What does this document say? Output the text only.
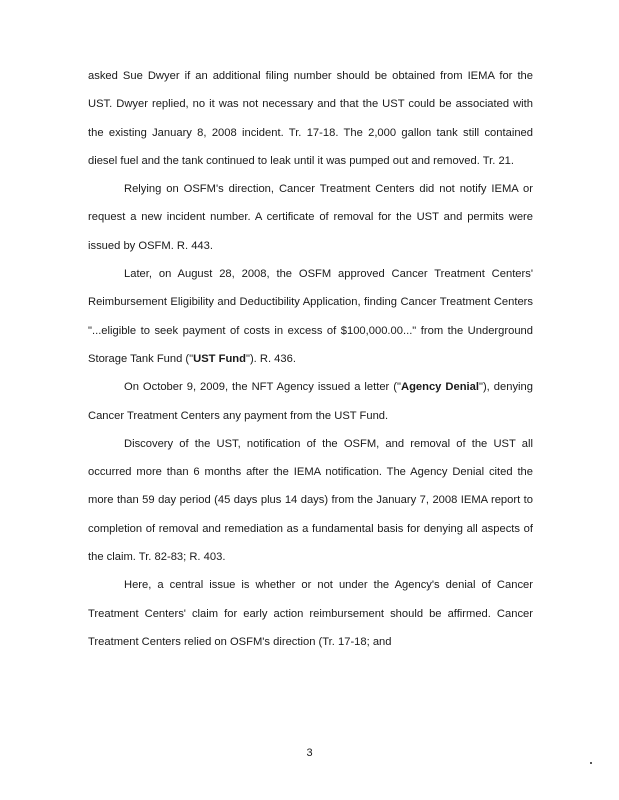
asked Sue Dwyer if an additional filing number should be obtained from IEMA for the UST. Dwyer replied, no it was not necessary and that the UST could be associated with the existing January 8, 2008 incident. Tr. 17-18. The 2,000 gallon tank still contained diesel fuel and the tank continued to leak until it was pumped out and removed. Tr. 21.

Relying on OSFM's direction, Cancer Treatment Centers did not notify IEMA or request a new incident number. A certificate of removal for the UST and permits were issued by OSFM. R. 443.

Later, on August 28, 2008, the OSFM approved Cancer Treatment Centers' Reimbursement Eligibility and Deductibility Application, finding Cancer Treatment Centers "...eligible to seek payment of costs in excess of $100,000.00..." from the Underground Storage Tank Fund ("UST Fund"). R. 436.

On October 9, 2009, the NFT Agency issued a letter ("Agency Denial"), denying Cancer Treatment Centers any payment from the UST Fund.

Discovery of the UST, notification of the OSFM, and removal of the UST all occurred more than 6 months after the IEMA notification. The Agency Denial cited the more than 59 day period (45 days plus 14 days) from the January 7, 2008 IEMA report to completion of removal and remediation as a fundamental basis for denying all aspects of the claim. Tr. 82-83; R. 403.

Here, a central issue is whether or not under the Agency's denial of Cancer Treatment Centers' claim for early action reimbursement should be affirmed. Cancer Treatment Centers relied on OSFM's direction (Tr. 17-18; and

3
